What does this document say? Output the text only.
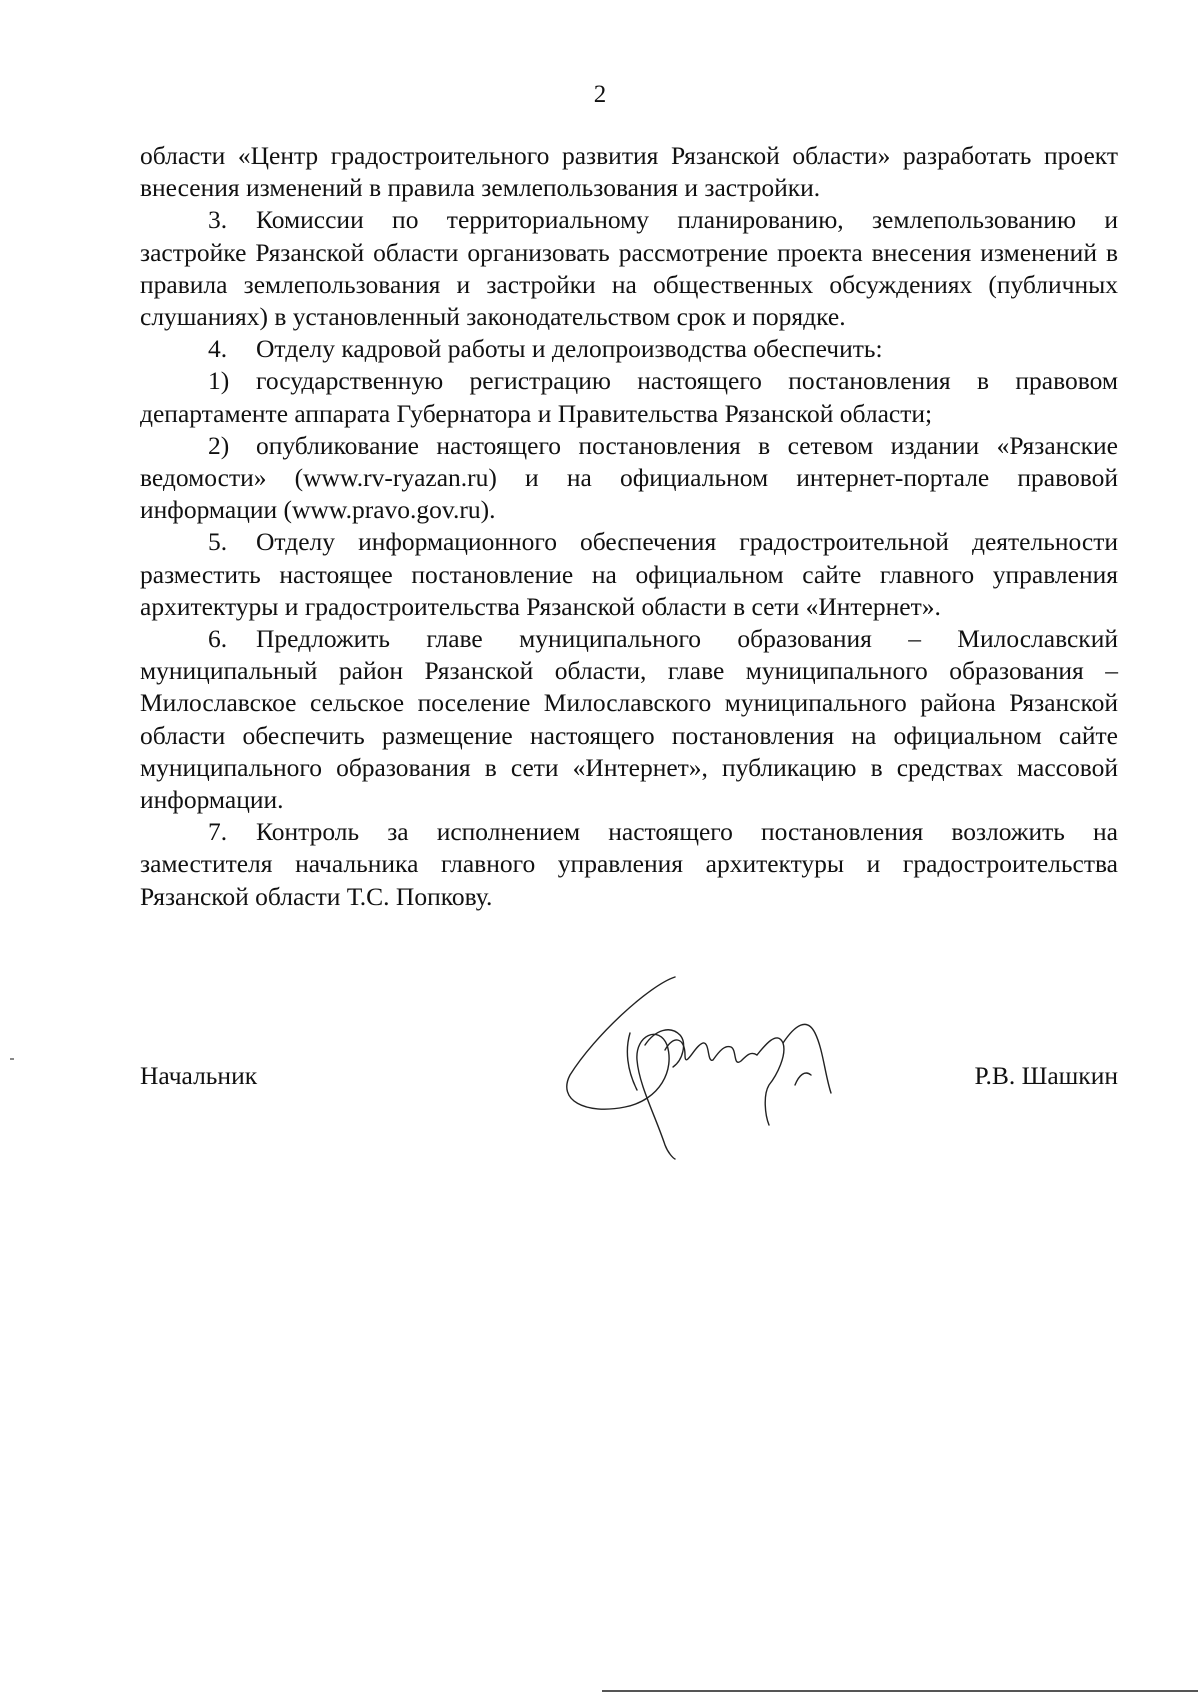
2

области «Центр градостроительного развития Рязанской области» разработать проект внесения изменений в правила землепользования и застройки.

3. Комиссии по территориальному планированию, землепользованию и застройке Рязанской области организовать рассмотрение проекта внесения изменений в правила землепользования и застройки на общественных обсуждениях (публичных слушаниях) в установленный законодательством срок и порядке.

4. Отделу кадровой работы и делопроизводства обеспечить:

1) государственную регистрацию настоящего постановления в правовом департаменте аппарата Губернатора и Правительства Рязанской области;

2) опубликование настоящего постановления в сетевом издании «Рязанские ведомости» (www.rv-ryazan.ru) и на официальном интернет-портале правовой информации (www.pravo.gov.ru).

5. Отделу информационного обеспечения градостроительной деятельности разместить настоящее постановление на официальном сайте главного управления архитектуры и градостроительства Рязанской области в сети «Интернет».

6. Предложить главе муниципального образования – Милославский муниципальный район Рязанской области, главе муниципального образования – Милославское сельское поселение Милославского муниципального района Рязанской области обеспечить размещение настоящего постановления на официальном сайте муниципального образования в сети «Интернет», публикацию в средствах массовой информации.

7. Контроль за исполнением настоящего постановления возложить на заместителя начальника главного управления архитектуры и градостроительства Рязанской области Т.С. Попкову.

Начальник	Р.В. Шашкин
